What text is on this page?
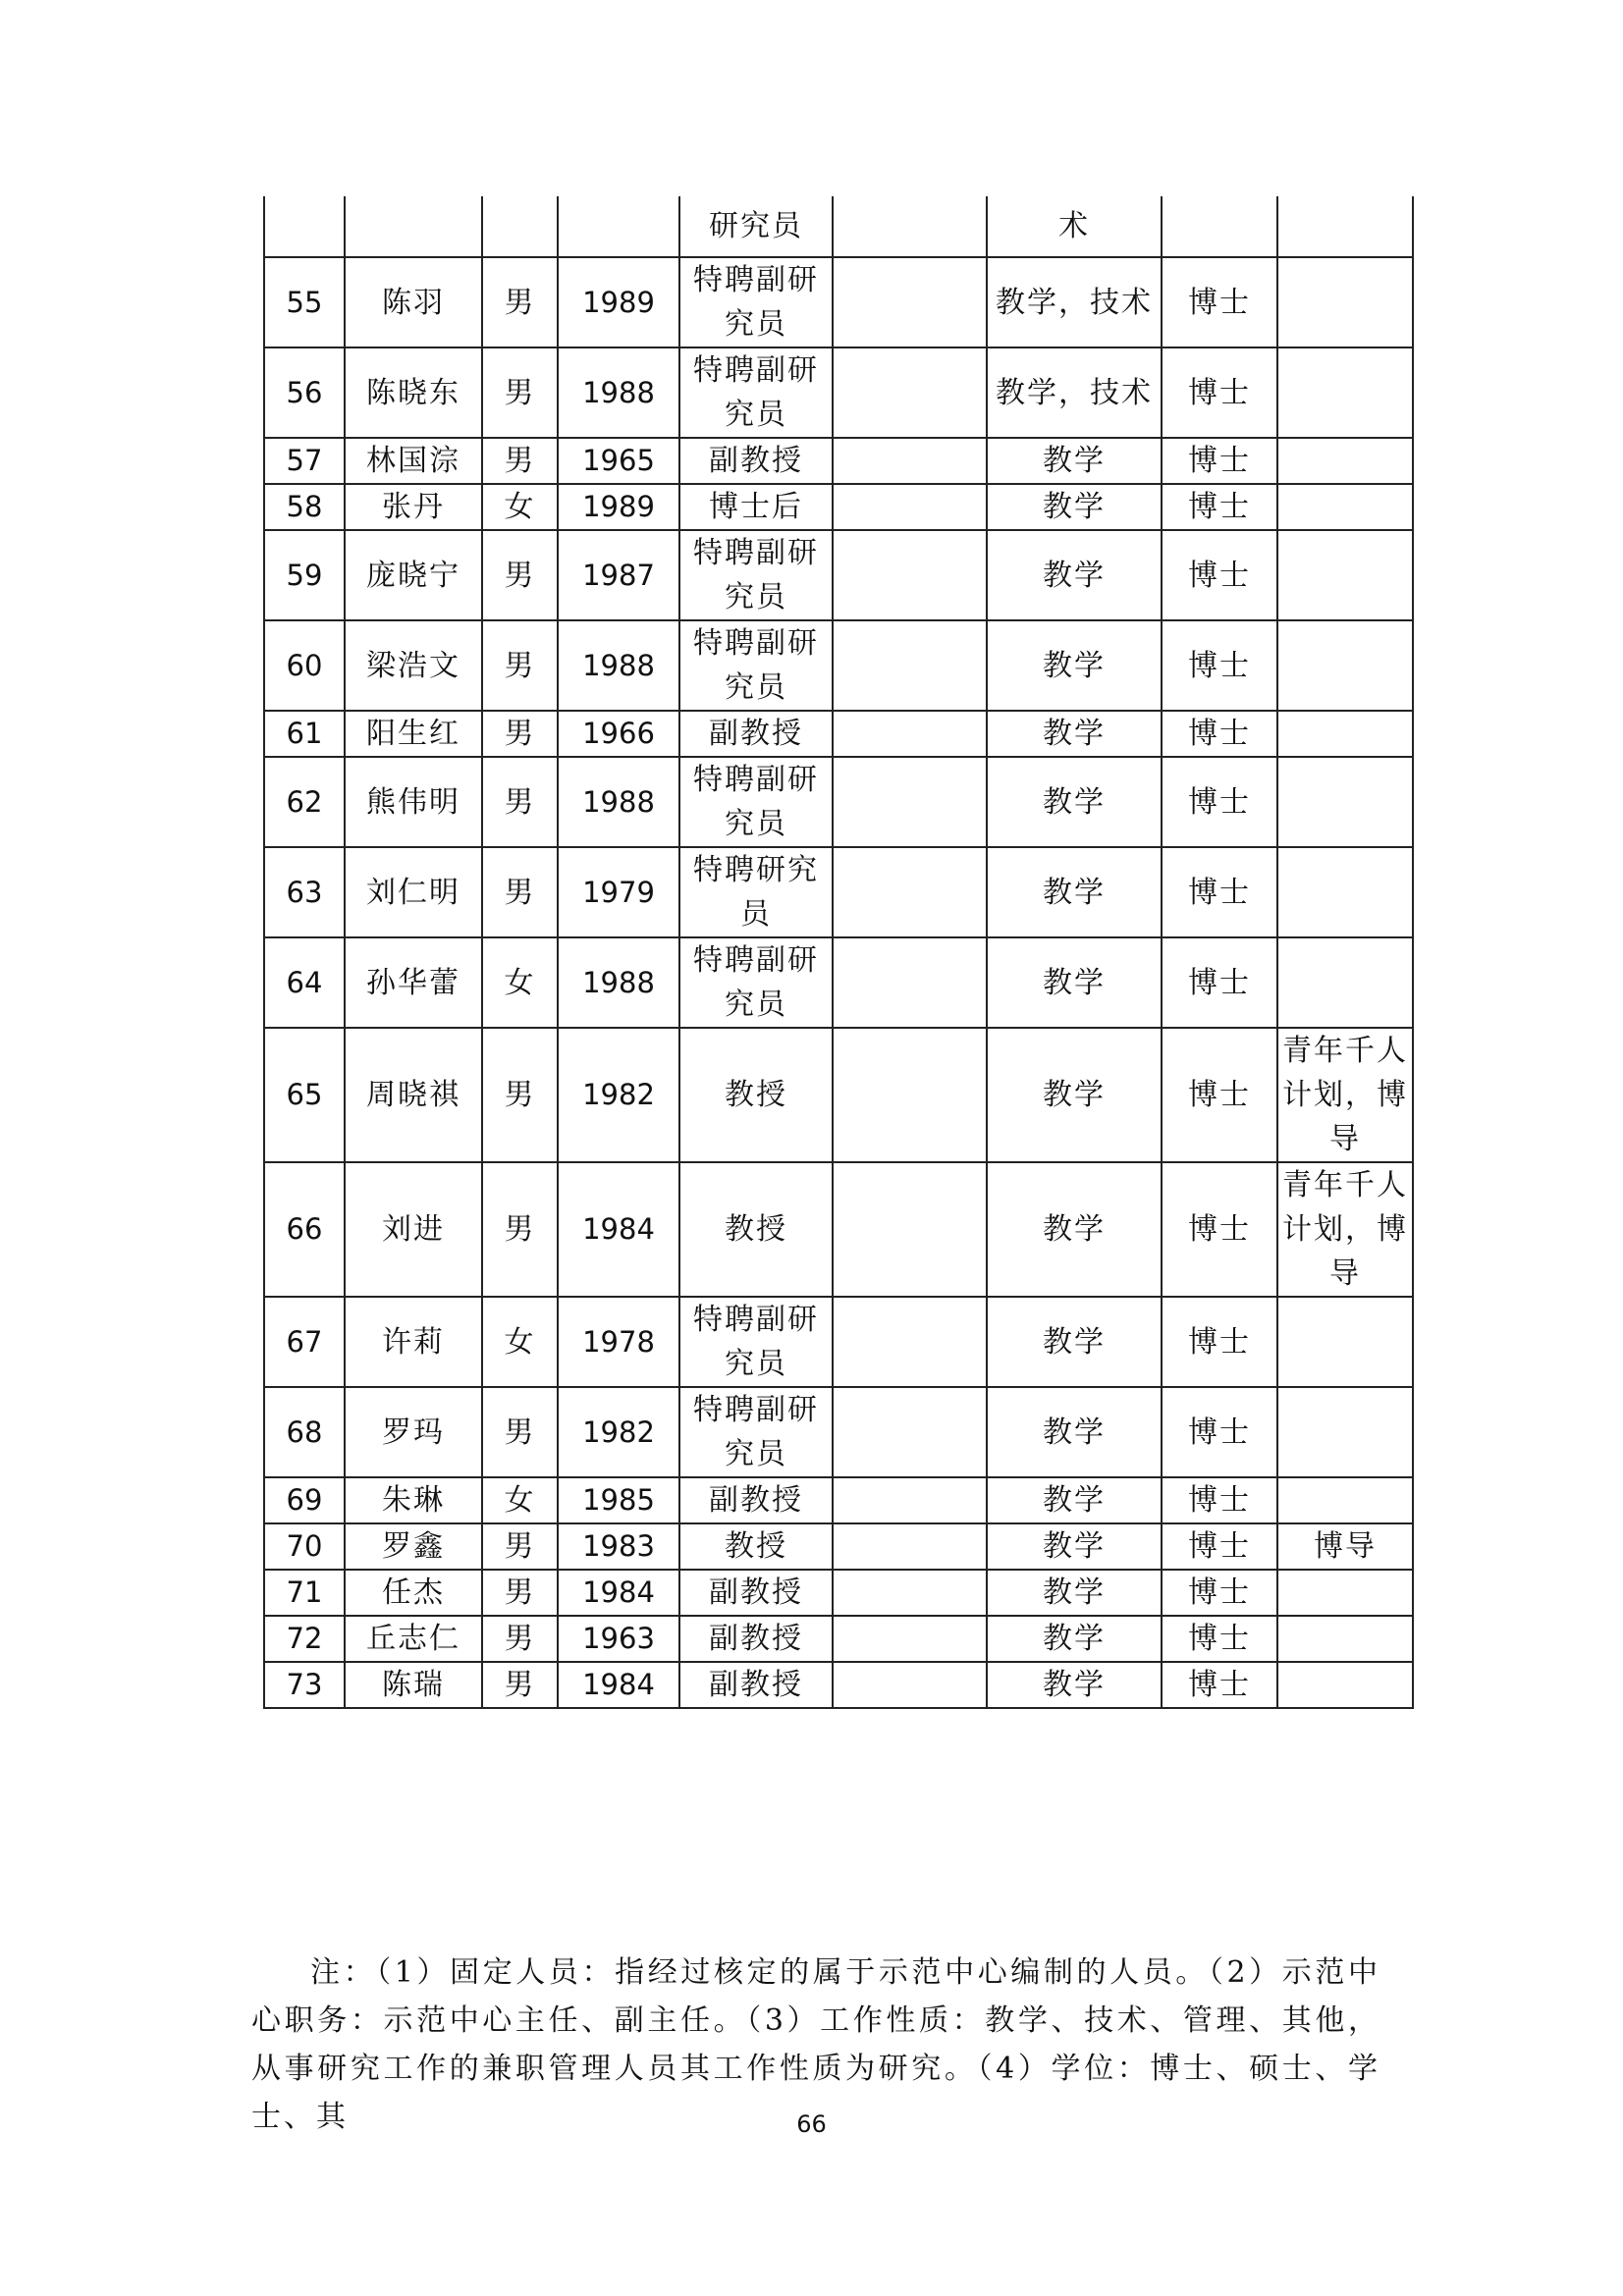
				研究员		术		
55	陈羽	男	1989	特聘副研究员		教学，技术	博士	
56	陈晓东	男	1988	特聘副研究员		教学，技术	博士	
57	林国淙	男	1965	副教授		教学	博士	
58	张丹	女	1989	博士后		教学	博士	
59	庞晓宁	男	1987	特聘副研究员		教学	博士	
60	梁浩文	男	1988	特聘副研究员		教学	博士	
61	阳生红	男	1966	副教授		教学	博士	
62	熊伟明	男	1988	特聘副研究员		教学	博士	
63	刘仁明	男	1979	特聘研究员		教学	博士	
64	孙华蕾	女	1988	特聘副研究员		教学	博士	
65	周晓祺	男	1982	教授		教学	博士	青年千人计划，博导
66	刘进	男	1984	教授		教学	博士	青年千人计划，博导
67	许莉	女	1978	特聘副研究员		教学	博士	
68	罗玛	男	1982	特聘副研究员		教学	博士	
69	朱琳	女	1985	副教授		教学	博士	
70	罗鑫	男	1983	教授		教学	博士	博导
71	任杰	男	1984	副教授		教学	博士	
72	丘志仁	男	1963	副教授		教学	博士	
73	陈瑞	男	1984	副教授		教学	博士	

注：（1）固定人员：指经过核定的属于示范中心编制的人员。（2）示范中心职务：示范中心主任、副主任。（3）工作性质：教学、技术、管理、其他，从事研究工作的兼职管理人员其工作性质为研究。（4）学位：博士、硕士、学士、其	66
